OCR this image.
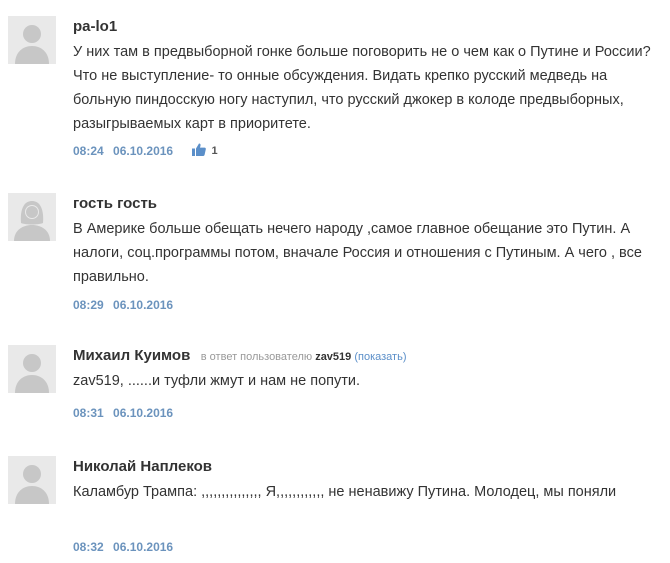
pa-lo1
У них там в предвыборной гонке больше поговорить не о чем как о Путине и России? Что не выступление- то онные обсуждения. Видать крепко русский медведь на больную пиндосскую ногу наступил, что русский джокер в колоде предвыборных, разыгрываемых карт в приоритете.
08:24 06.10.2016	1
гость гость
В Америке больше обещать нечего народу ,самое главное обещание это Путин. А налоги, соц.программы потом, вначале Россия и отношения с Путиным. А чего , все правильно.
08:29 06.10.2016
Михаил Куимов в ответ пользователю zav519 (показать)
zav519, ......и туфли жмут и нам не попути.
08:31 06.10.2016
Николай Наплеков
Каламбур Трампа: ,,,,,,,,,,,,,,, Я,,,,,,,,,,,, не ненавижу Путина. Молодец, мы поняли
08:32 06.10.2016
